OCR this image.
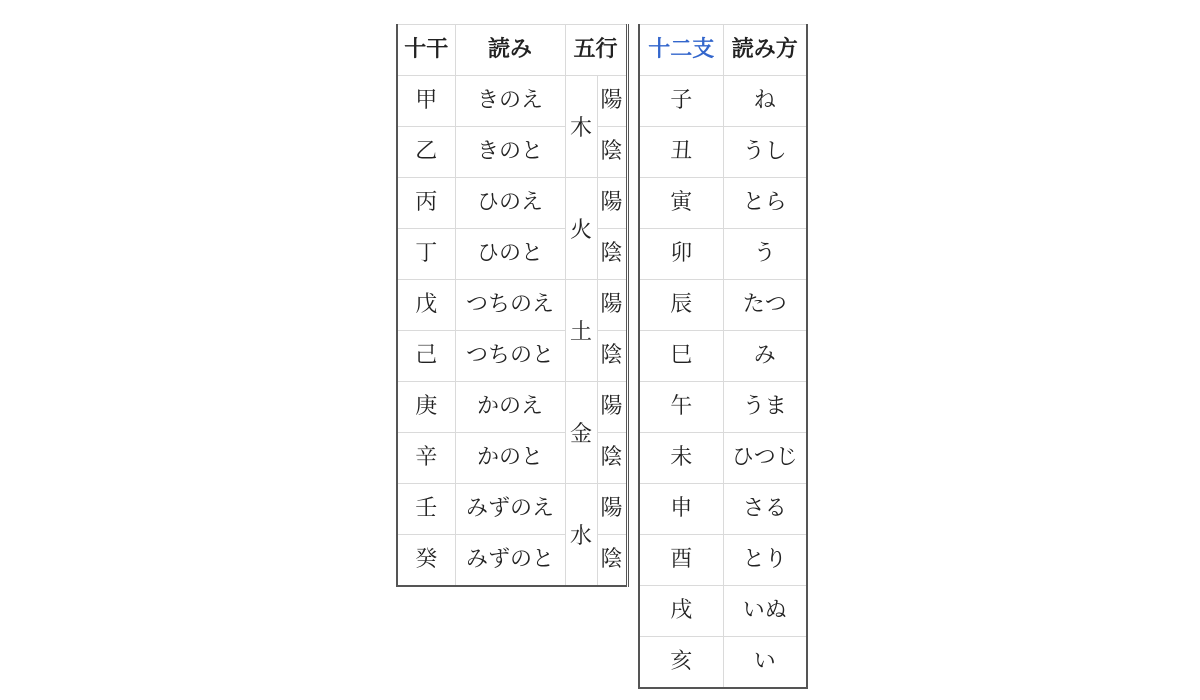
十干	読み	五行	
甲	きのえ	木	陽
乙	きのと		陰
丙	ひのえ	火	陽
丁	ひのと		陰
戊	つちのえ	土	陽
己	つちのと		陰
庚	かのえ	金	陽
辛	かのと		陰
壬	みずのえ	水	陽
癸	みずのと		陰
十二支	読み方
子	ね
丑	うし
寅	とら
卯	う
辰	たつ
巳	み
午	うま
未	ひつじ
申	さる
酉	とり
戌	いぬ
亥	い
